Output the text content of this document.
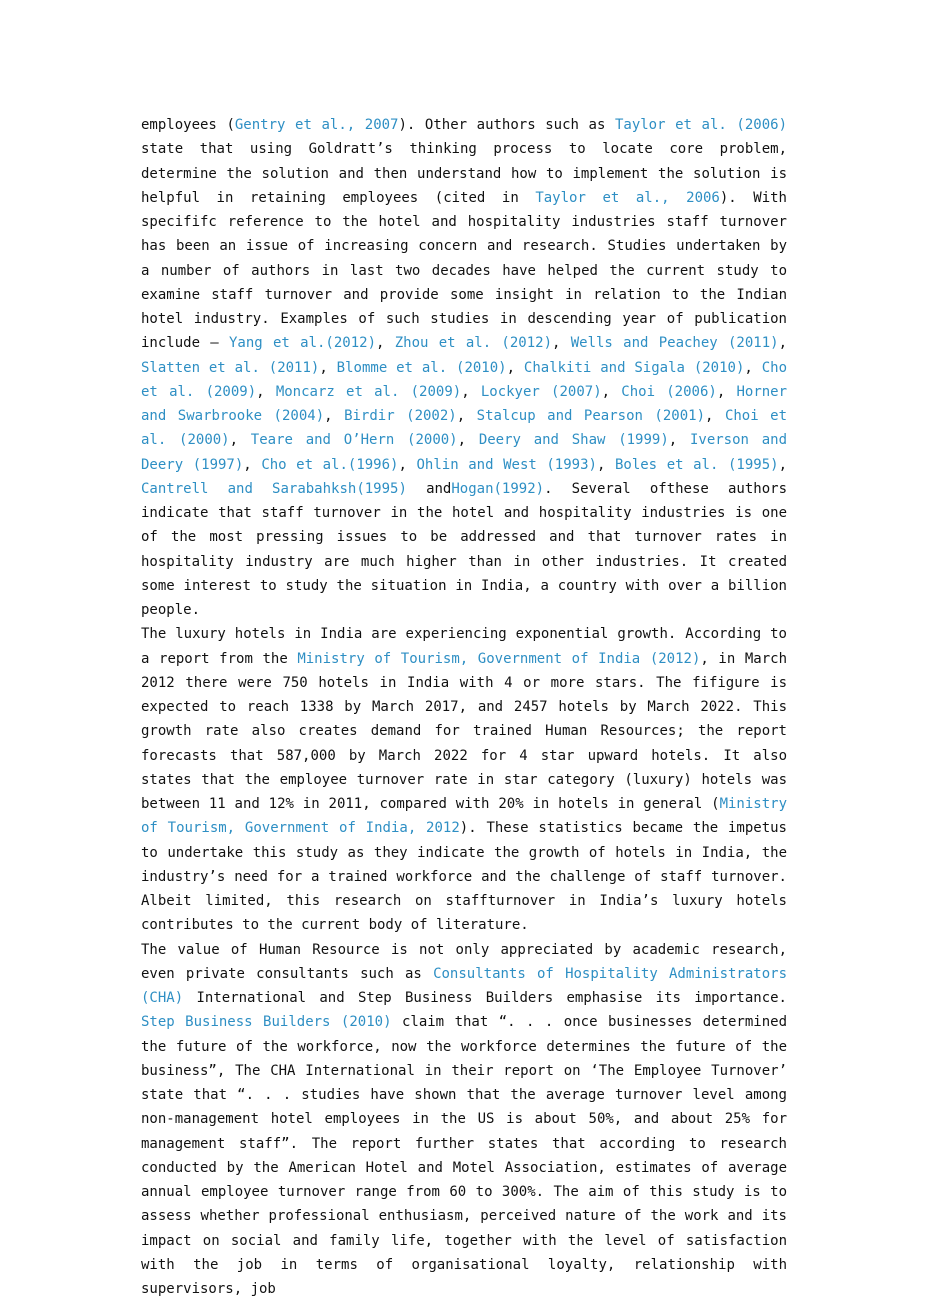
employees (Gentry et al., 2007). Other authors such as Taylor et al. (2006) state that using Goldratt’s thinking process to locate core problem, determine the solution and then understand how to implement the solution is helpful in retaining employees (cited in Taylor et al., 2006). With specififc reference to the hotel and hospitality industries staff turnover has been an issue of increasing concern and research. Studies undertaken by a number of authors in last two decades have helped the current study to examine staff turnover and provide some insight in relation to the Indian hotel industry. Examples of such studies in descending year of publication include – Yang et al.(2012), Zhou et al. (2012), Wells and Peachey (2011), Slatten et al. (2011), Blomme et al. (2010), Chalkiti and Sigala (2010), Cho et al. (2009), Moncarz et al. (2009), Lockyer (2007), Choi (2006), Horner and Swarbrooke (2004), Birdir (2002), Stalcup and Pearson (2001), Choi et al. (2000), Teare and O’Hern (2000), Deery and Shaw (1999), Iverson and Deery (1997), Cho et al.(1996), Ohlin and West (1993), Boles et al. (1995), Cantrell and Sarabahksh(1995) andHogan(1992). Several ofthese authors indicate that staff turnover in the hotel and hospitality industries is one of the most pressing issues to be addressed and that turnover rates in hospitality industry are much higher than in other industries. It created some interest to study the situation in India, a country with over a billion people.

The luxury hotels in India are experiencing exponential growth. According to a report from the Ministry of Tourism, Government of India (2012), in March 2012 there were 750 hotels in India with 4 or more stars. The fifigure is expected to reach 1338 by March 2017, and 2457 hotels by March 2022. This growth rate also creates demand for trained Human Resources; the report forecasts that 587,000 by March 2022 for 4 star upward hotels. It also states that the employee turnover rate in star category (luxury) hotels was between 11 and 12% in 2011, compared with 20% in hotels in general (Ministry of Tourism, Government of India, 2012). These statistics became the impetus to undertake this study as they indicate the growth of hotels in India, the industry’s need for a trained workforce and the challenge of staff turnover. Albeit limited, this research on staffturnover in India’s luxury hotels contributes to the current body of literature.

The value of Human Resource is not only appreciated by academic research, even private consultants such as Consultants of Hospitality Administrators (CHA) International and Step Business Builders emphasise its importance. Step Business Builders (2010) claim that “. . . once businesses determined the future of the workforce, now the workforce determines the future of the business”, The CHA International in their report on ‘The Employee Turnover’ state that “. . . studies have shown that the average turnover level among non-management hotel employees in the US is about 50%, and about 25% for management staff”. The report further states that according to research conducted by the American Hotel and Motel Association, estimates of average annual employee turnover range from 60 to 300%. The aim of this study is to assess whether professional enthusiasm, perceived nature of the work and its impact on social and family life, together with the level of satisfaction with the job in terms of organisational loyalty, relationship with supervisors, job
